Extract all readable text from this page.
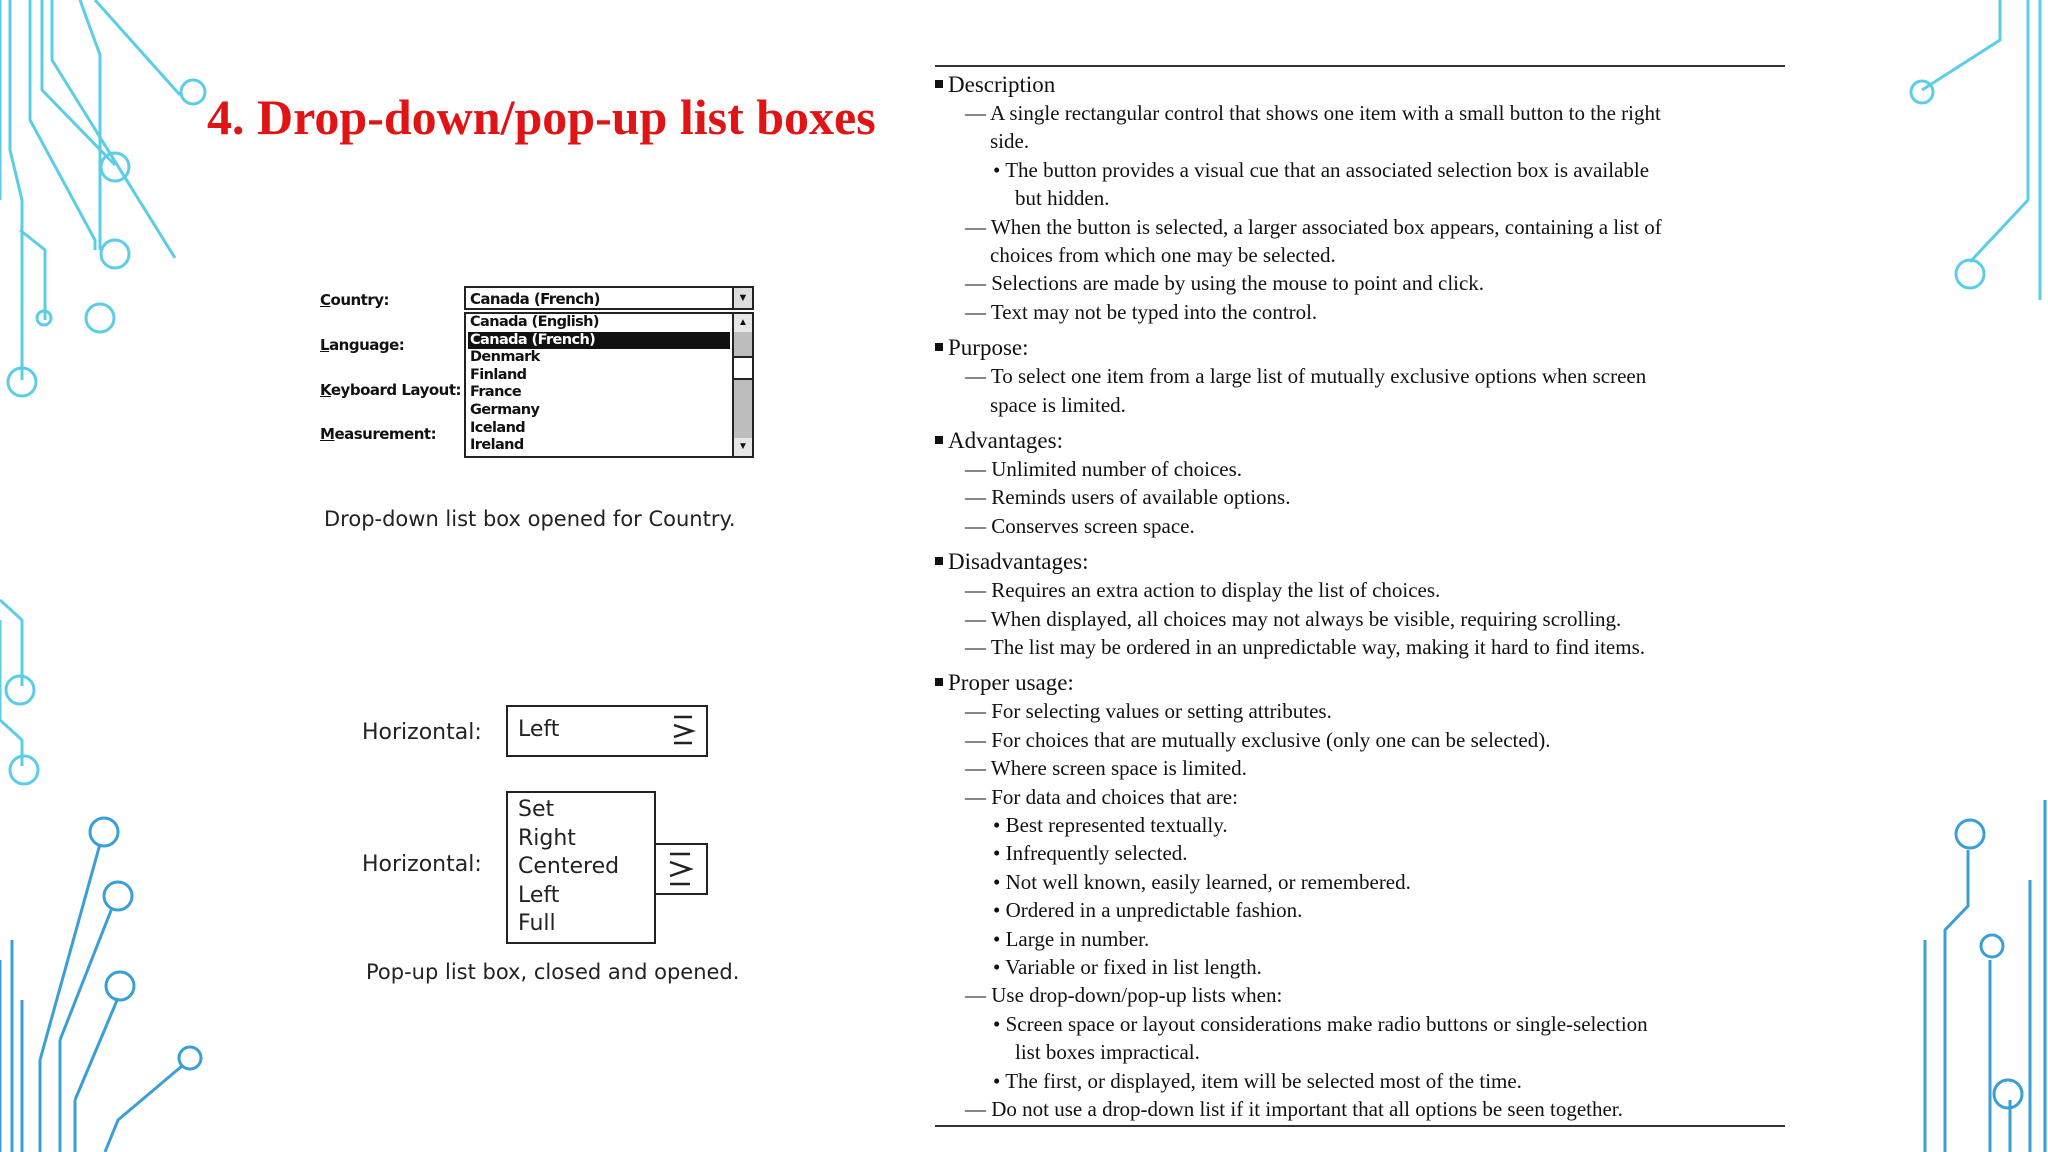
4. Drop-down/pop-up list boxes
Country:
Language:
Keyboard Layout:
Measurement:
Canada (French)	▼
Canada (English)
Canada (French)
Denmark
Finland
France
Germany
Iceland
Ireland
▲
▼
Drop-down list box opened for Country.
Horizontal: Left
Horizontal:
Set
Right
Centered
Left
Full
Pop-up list box, closed and opened.
Description
— A single rectangular control that shows one item with a small button to the right
side.
• The button provides a visual cue that an associated selection box is available
but hidden.
— When the button is selected, a larger associated box appears, containing a list of
choices from which one may be selected.
— Selections are made by using the mouse to point and click.
— Text may not be typed into the control.
Purpose:
— To select one item from a large list of mutually exclusive options when screen
space is limited.
Advantages:
— Unlimited number of choices.
— Reminds users of available options.
— Conserves screen space.
Disadvantages:
— Requires an extra action to display the list of choices.
— When displayed, all choices may not always be visible, requiring scrolling.
— The list may be ordered in an unpredictable way, making it hard to find items.
Proper usage:
— For selecting values or setting attributes.
— For choices that are mutually exclusive (only one can be selected).
— Where screen space is limited.
— For data and choices that are:
• Best represented textually.
• Infrequently selected.
• Not well known, easily learned, or remembered.
• Ordered in a unpredictable fashion.
• Large in number.
• Variable or fixed in list length.
— Use drop-down/pop-up lists when:
• Screen space or layout considerations make radio buttons or single-selection
list boxes impractical.
• The first, or displayed, item will be selected most of the time.
— Do not use a drop-down list if it important that all options be seen together.
